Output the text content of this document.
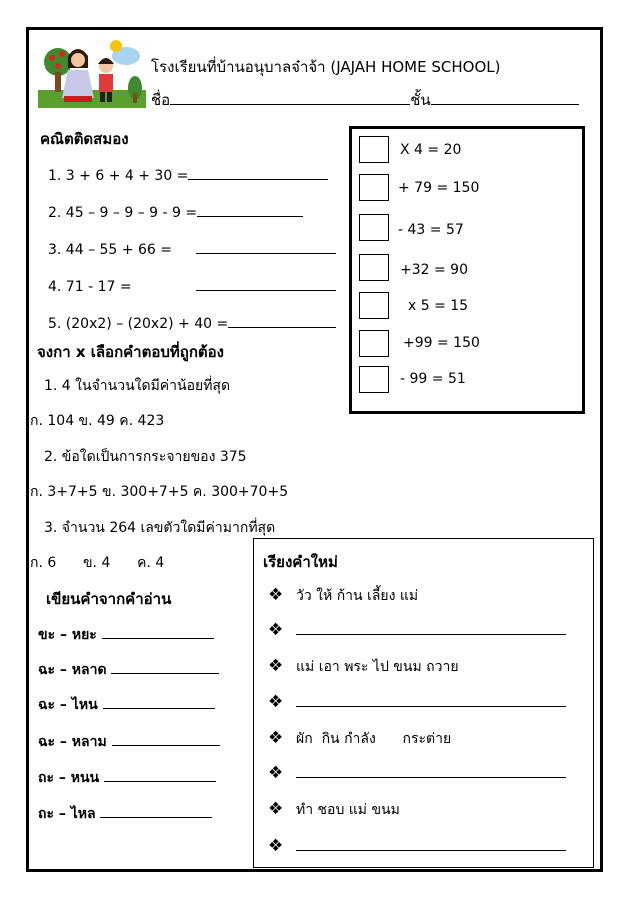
โรงเรียนที่บ้านอนุบาลจ๋าจ้า (JAJAH HOME SCHOOL)
ชื่อ	ชั้น
คณิตติดสมอง
1. 3 + 6 + 4 + 30 =
2. 45 – 9 – 9 – 9 - 9 =
3. 44 – 55 + 66 =
4. 71 - 17 =
5. (20x2) – (20x2) + 40 =
X 4 = 20
+ 79 = 150
- 43 = 57
+32 = 90
x 5 = 15
+99 = 150
- 99 = 51
จงกา x เลือกคำตอบที่ถูกต้อง
1. 4 ในจำนวนใดมีค่าน้อยที่สุด
ก. 104 ข. 49 ค. 423
2. ข้อใดเป็นการกระจายของ 375
ก. 3+7+5 ข. 300+7+5 ค. 300+70+5
3. จำนวน 264 เลขตัวใดมีค่ามากที่สุด
ก. 6      ข. 4      ค. 4
เขียนคำจากคำอ่าน
ขะ – หยะ
ฉะ – หลาด
ฉะ – ไหน
ฉะ – หลาม
ถะ – หนน
ถะ – ไหล
เรียงคำใหม่
❖ วัว ให้ ก้าน เลี้ยง แม่
❖
❖ แม่ เอา พระ ไป ขนม ถวาย
❖
❖ ผัก  กิน กำลัง      กระต่าย
❖
❖ ทำ ชอบ แม่ ขนม
❖
